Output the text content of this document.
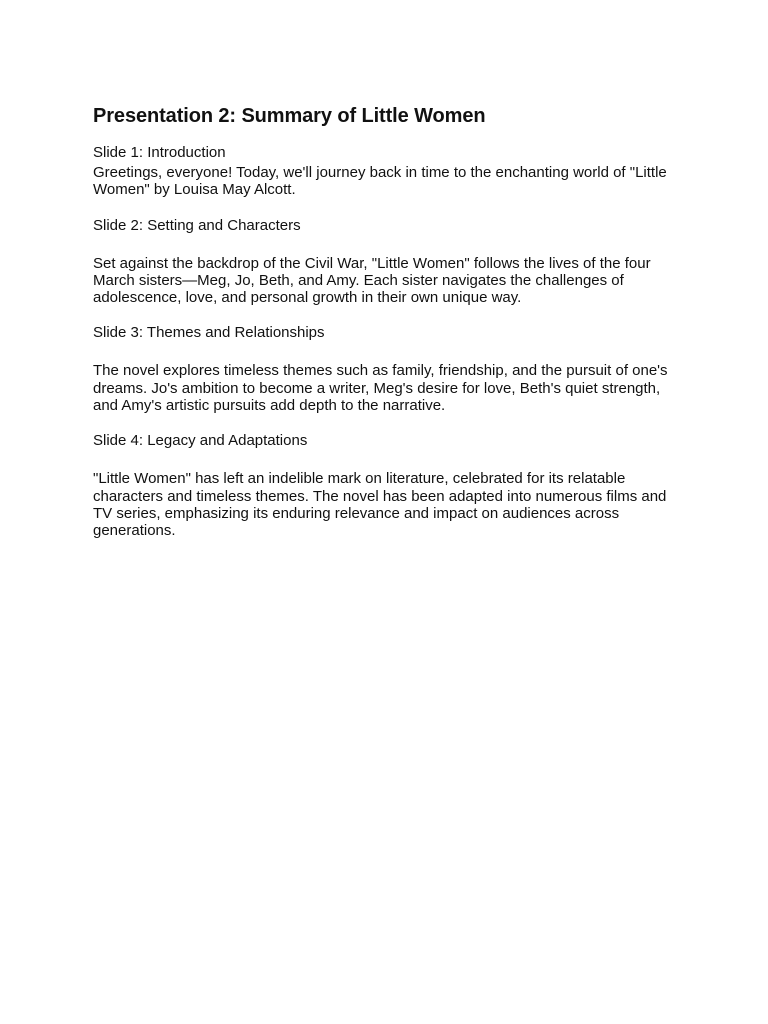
Presentation 2: Summary of Little Women

Slide 1: Introduction

Greetings, everyone! Today, we'll journey back in time to the enchanting world of "Little Women" by Louisa May Alcott.

Slide 2: Setting and Characters

Set against the backdrop of the Civil War, "Little Women" follows the lives of the four March sisters—Meg, Jo, Beth, and Amy. Each sister navigates the challenges of adolescence, love, and personal growth in their own unique way.

Slide 3: Themes and Relationships

The novel explores timeless themes such as family, friendship, and the pursuit of one's dreams. Jo's ambition to become a writer, Meg's desire for love, Beth's quiet strength, and Amy's artistic pursuits add depth to the narrative.

Slide 4: Legacy and Adaptations

"Little Women" has left an indelible mark on literature, celebrated for its relatable characters and timeless themes. The novel has been adapted into numerous films and TV series, emphasizing its enduring relevance and impact on audiences across generations.
